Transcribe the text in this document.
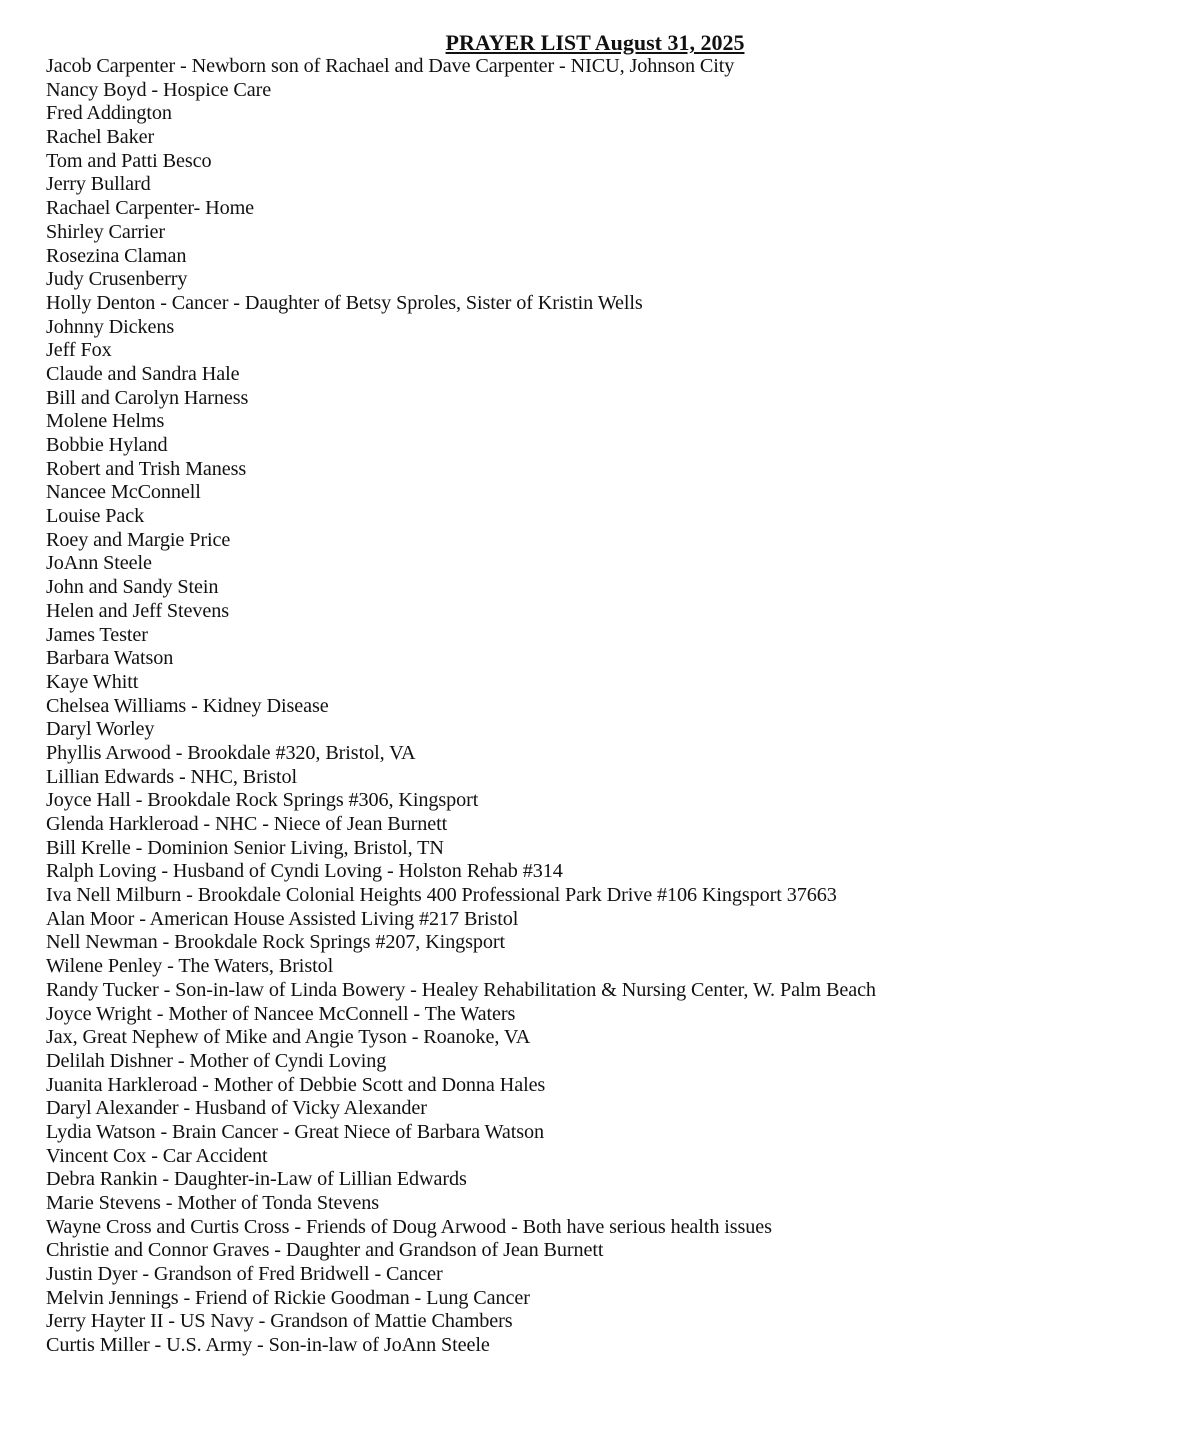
PRAYER LIST August 31, 2025
Jacob Carpenter - Newborn son of Rachael and Dave Carpenter - NICU, Johnson City
Nancy Boyd - Hospice Care
Fred Addington
Rachel Baker
Tom and Patti Besco
Jerry Bullard
Rachael Carpenter- Home
Shirley Carrier
Rosezina Claman
Judy Crusenberry
Holly Denton - Cancer - Daughter of Betsy Sproles, Sister of Kristin Wells
Johnny Dickens
Jeff Fox
Claude and Sandra Hale
Bill and Carolyn Harness
Molene Helms
Bobbie Hyland
Robert and Trish Maness
Nancee McConnell
Louise Pack
Roey and Margie Price
JoAnn Steele
John and Sandy Stein
Helen and Jeff Stevens
James Tester
Barbara Watson
Kaye Whitt
Chelsea Williams - Kidney Disease
Daryl Worley
Phyllis Arwood - Brookdale #320, Bristol, VA
Lillian Edwards - NHC, Bristol
Joyce Hall - Brookdale Rock Springs #306, Kingsport
Glenda Harkleroad - NHC - Niece of Jean Burnett
Bill Krelle - Dominion Senior Living, Bristol, TN
Ralph Loving - Husband of Cyndi Loving - Holston Rehab #314
Iva Nell Milburn - Brookdale Colonial Heights 400 Professional Park Drive #106 Kingsport 37663
Alan Moor - American House Assisted Living #217 Bristol
Nell Newman - Brookdale Rock Springs #207, Kingsport
Wilene Penley - The Waters, Bristol
Randy Tucker - Son-in-law of Linda Bowery - Healey Rehabilitation & Nursing Center, W. Palm Beach
Joyce Wright - Mother of Nancee McConnell - The Waters
Jax, Great Nephew of Mike and Angie Tyson - Roanoke, VA
Delilah Dishner - Mother of Cyndi Loving
Juanita Harkleroad - Mother of Debbie Scott and Donna Hales
Daryl Alexander - Husband of Vicky Alexander
Lydia Watson - Brain Cancer - Great Niece of Barbara Watson
Vincent Cox - Car Accident
Debra Rankin - Daughter-in-Law of Lillian Edwards
Marie Stevens - Mother of Tonda Stevens
Wayne Cross and Curtis Cross - Friends of Doug Arwood - Both have serious health issues
Christie and Connor Graves - Daughter and Grandson of Jean Burnett
Justin Dyer - Grandson of Fred Bridwell - Cancer
Melvin Jennings - Friend of Rickie Goodman - Lung Cancer
Jerry Hayter II - US Navy - Grandson of Mattie Chambers
Curtis Miller - U.S. Army - Son-in-law of JoAnn Steele
